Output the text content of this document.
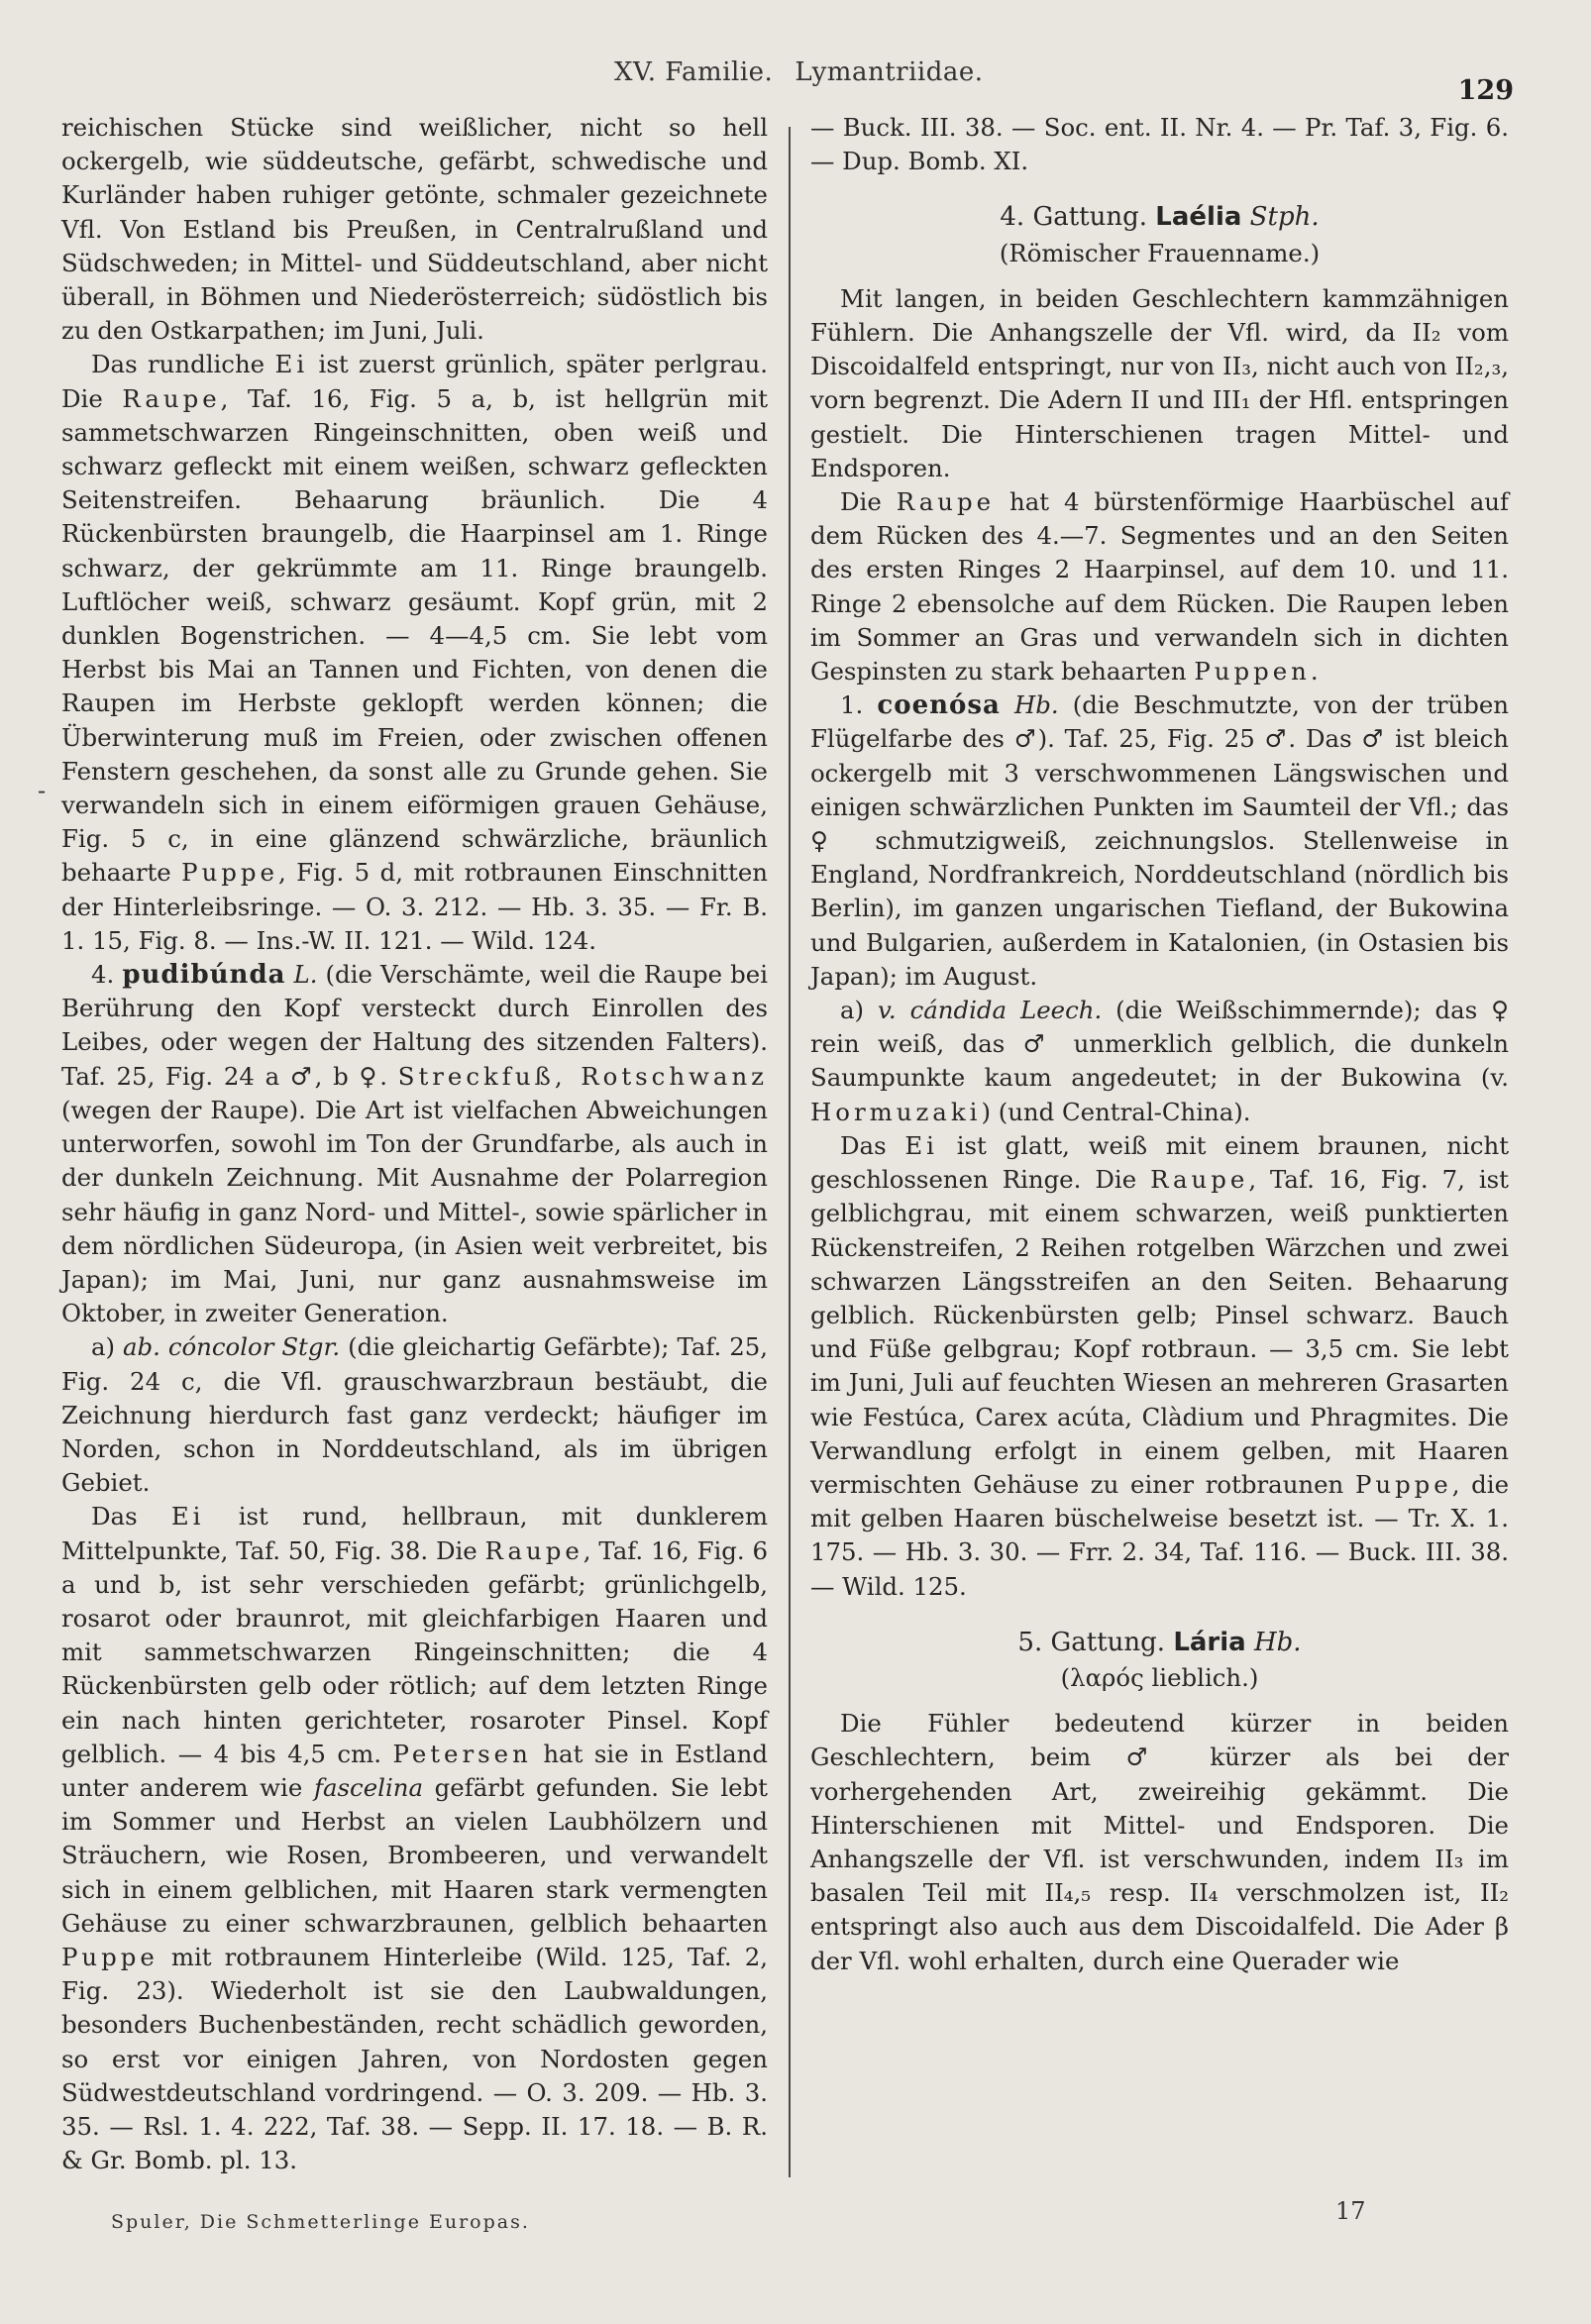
XV. Familie. Lymantriidae.
129
-

reichischen Stücke sind weißlicher, nicht so hell ockergelb, wie süddeutsche, gefärbt, schwedische und Kurländer haben ruhiger getönte, schmaler gezeichnete Vfl. Von Estland bis Preußen, in Centralrußland und Südschweden; in Mittel- und Süddeutschland, aber nicht überall, in Böhmen und Niederösterreich; südöstlich bis zu den Ostkarpathen; im Juni, Juli.

Das rundliche Ei ist zuerst grünlich, später perlgrau. Die Raupe, Taf. 16, Fig. 5 a, b, ist hellgrün mit sammetschwarzen Ringeinschnitten, oben weiß und schwarz gefleckt mit einem weißen, schwarz gefleckten Seitenstreifen. Behaarung bräunlich. Die 4 Rückenbürsten braungelb, die Haarpinsel am 1. Ringe schwarz, der gekrümmte am 11. Ringe braungelb. Luftlöcher weiß, schwarz gesäumt. Kopf grün, mit 2 dunklen Bogenstrichen. — 4—4,5 cm. Sie lebt vom Herbst bis Mai an Tannen und Fichten, von denen die Raupen im Herbste geklopft werden können; die Überwinterung muß im Freien, oder zwischen offenen Fenstern geschehen, da sonst alle zu Grunde gehen. Sie verwandeln sich in einem eiförmigen grauen Gehäuse, Fig. 5 c, in eine glänzend schwärzliche, bräunlich behaarte Puppe, Fig. 5 d, mit rotbraunen Einschnitten der Hinterleibsringe. — O. 3. 212. — Hb. 3. 35. — Fr. B. 1. 15, Fig. 8. — Ins.-W. II. 121. — Wild. 124.

4. pudibúnda L. (die Verschämte, weil die Raupe bei Berührung den Kopf versteckt durch Einrollen des Leibes, oder wegen der Haltung des sitzenden Falters). Taf. 25, Fig. 24 a ♂, b ♀. Streckfuß, Rotschwanz (wegen der Raupe). Die Art ist vielfachen Abweichungen unterworfen, sowohl im Ton der Grundfarbe, als auch in der dunkeln Zeichnung. Mit Ausnahme der Polarregion sehr häufig in ganz Nord- und Mittel-, sowie spärlicher in dem nördlichen Südeuropa, (in Asien weit verbreitet, bis Japan); im Mai, Juni, nur ganz ausnahmsweise im Oktober, in zweiter Generation.

a) ab. cóncolor Stgr. (die gleichartig Gefärbte); Taf. 25, Fig. 24 c, die Vfl. grauschwarzbraun bestäubt, die Zeichnung hierdurch fast ganz verdeckt; häufiger im Norden, schon in Norddeutschland, als im übrigen Gebiet.

Das Ei ist rund, hellbraun, mit dunklerem Mittelpunkte, Taf. 50, Fig. 38. Die Raupe, Taf. 16, Fig. 6 a und b, ist sehr verschieden gefärbt; grünlichgelb, rosarot oder braunrot, mit gleichfarbigen Haaren und mit sammetschwarzen Ringeinschnitten; die 4 Rückenbürsten gelb oder rötlich; auf dem letzten Ringe ein nach hinten gerichteter, rosaroter Pinsel. Kopf gelblich. — 4 bis 4,5 cm. Petersen hat sie in Estland unter anderem wie fascelina gefärbt gefunden. Sie lebt im Sommer und Herbst an vielen Laubhölzern und Sträuchern, wie Rosen, Brombeeren, und verwandelt sich in einem gelblichen, mit Haaren stark vermengten Gehäuse zu einer schwarzbraunen, gelblich behaarten Puppe mit rotbraunem Hinterleibe (Wild. 125, Taf. 2, Fig. 23). Wiederholt ist sie den Laubwaldungen, besonders Buchenbeständen, recht schädlich geworden, so erst vor einigen Jahren, von Nordosten gegen Südwestdeutschland vordringend. — O. 3. 209. — Hb. 3. 35. — Rsl. 1. 4. 222, Taf. 38. — Sepp. II. 17. 18. — B. R. & Gr. Bomb. pl. 13.

— Buck. III. 38. — Soc. ent. II. Nr. 4. — Pr. Taf. 3, Fig. 6. — Dup. Bomb. XI.

4. Gattung. Laélia Stph.

(Römischer Frauenname.)

Mit langen, in beiden Geschlechtern kammzähnigen Fühlern. Die Anhangszelle der Vfl. wird, da II₂ vom Discoidalfeld entspringt, nur von II₃, nicht auch von II₂,₃, vorn begrenzt. Die Adern II und III₁ der Hfl. entspringen gestielt. Die Hinterschienen tragen Mittel- und Endsporen.

Die Raupe hat 4 bürstenförmige Haarbüschel auf dem Rücken des 4.—7. Segmentes und an den Seiten des ersten Ringes 2 Haarpinsel, auf dem 10. und 11. Ringe 2 ebensolche auf dem Rücken. Die Raupen leben im Sommer an Gras und verwandeln sich in dichten Gespinsten zu stark behaarten Puppen.

1. coenósa Hb. (die Beschmutzte, von der trüben Flügelfarbe des ♂). Taf. 25, Fig. 25 ♂. Das ♂ ist bleich ockergelb mit 3 verschwommenen Längswischen und einigen schwärzlichen Punkten im Saumteil der Vfl.; das ♀ schmutzigweiß, zeichnungslos. Stellenweise in England, Nordfrankreich, Norddeutschland (nördlich bis Berlin), im ganzen ungarischen Tiefland, der Bukowina und Bulgarien, außerdem in Katalonien, (in Ostasien bis Japan); im August.

a) v. cándida Leech. (die Weißschimmernde); das ♀ rein weiß, das ♂ unmerklich gelblich, die dunkeln Saumpunkte kaum angedeutet; in der Bukowina (v. Hormuzaki) (und Central-China).

Das Ei ist glatt, weiß mit einem braunen, nicht geschlossenen Ringe. Die Raupe, Taf. 16, Fig. 7, ist gelblichgrau, mit einem schwarzen, weiß punktierten Rückenstreifen, 2 Reihen rotgelben Wärzchen und zwei schwarzen Längsstreifen an den Seiten. Behaarung gelblich. Rückenbürsten gelb; Pinsel schwarz. Bauch und Füße gelbgrau; Kopf rotbraun. — 3,5 cm. Sie lebt im Juni, Juli auf feuchten Wiesen an mehreren Grasarten wie Festúca, Carex acúta, Clàdium und Phragmites. Die Verwandlung erfolgt in einem gelben, mit Haaren vermischten Gehäuse zu einer rotbraunen Puppe, die mit gelben Haaren büschelweise besetzt ist. — Tr. X. 1. 175. — Hb. 3. 30. — Frr. 2. 34, Taf. 116. — Buck. III. 38. — Wild. 125.

5. Gattung. Lária Hb.

(λαρός lieblich.)

Die Fühler bedeutend kürzer in beiden Geschlechtern, beim ♂ kürzer als bei der vorhergehenden Art, zweireihig gekämmt. Die Hinterschienen mit Mittel- und Endsporen. Die Anhangszelle der Vfl. ist verschwunden, indem II₃ im basalen Teil mit II₄,₅ resp. II₄ verschmolzen ist, II₂ entspringt also auch aus dem Discoidalfeld. Die Ader β der Vfl. wohl erhalten, durch eine Querader wie

Spuler, Die Schmetterlinge Europas.	17
